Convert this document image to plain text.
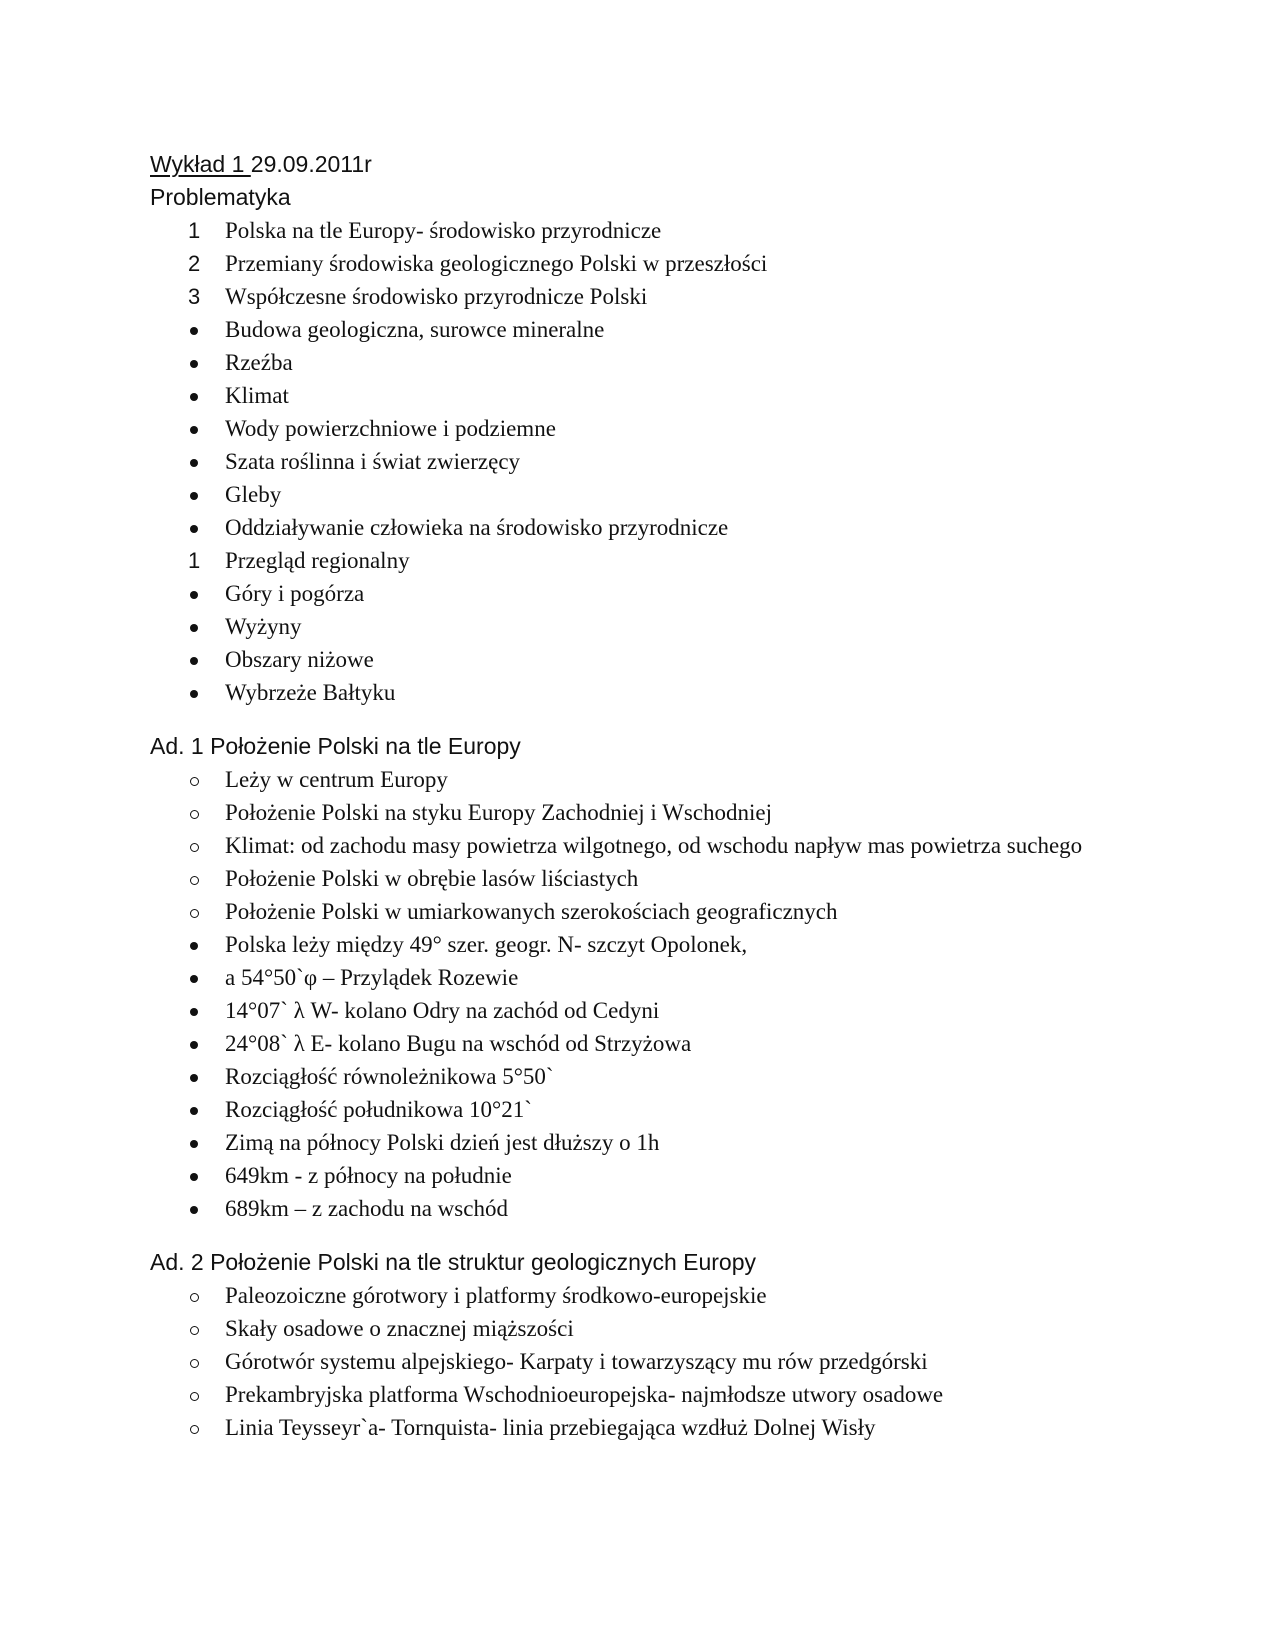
Wykład 1 29.09.2011r
Problematyka
1	Polska na tle Europy- środowisko przyrodnicze
2	Przemiany środowiska geologicznego Polski w przeszłości
3	Współczesne środowisko przyrodnicze Polski
Budowa geologiczna, surowce mineralne
Rzeźba
Klimat
Wody powierzchniowe i podziemne
Szata roślinna i świat zwierzęcy
Gleby
Oddziaływanie człowieka na środowisko przyrodnicze
1	Przegląd regionalny
Góry i pogórza
Wyżyny
Obszary niżowe
Wybrzeże Bałtyku
Ad. 1 Położenie Polski na tle Europy
Leży w centrum Europy
Położenie Polski na styku Europy Zachodniej i Wschodniej
Klimat: od zachodu masy powietrza wilgotnego, od wschodu napływ mas powietrza suchego
Położenie Polski w obrębie lasów liściastych
Położenie Polski w umiarkowanych szerokościach geograficznych
Polska leży między 49° szer. geogr. N- szczyt Opolonek,
a 54°50`φ – Przylądek Rozewie
14°07` λ W- kolano Odry na zachód od Cedyni
24°08` λ E- kolano Bugu na wschód od Strzyżowa
Rozciągłość równoleżnikowa 5°50`
Rozciągłość południkowa 10°21`
Zimą na północy Polski dzień jest dłuższy o 1h
649km - z północy na południe
689km – z zachodu na wschód
Ad. 2 Położenie Polski na tle struktur geologicznych Europy
Paleozoiczne górotwory i platformy środkowo-europejskie
Skały osadowe o znacznej miąższości
Górotwór systemu alpejskiego- Karpaty i towarzyszący mu rów przedgórski
Prekambryjska platforma Wschodnioeuropejska- najmłodsze utwory osadowe
Linia Teysseyr`a- Tornquista- linia przebiegająca wzdłuż Dolnej Wisły
